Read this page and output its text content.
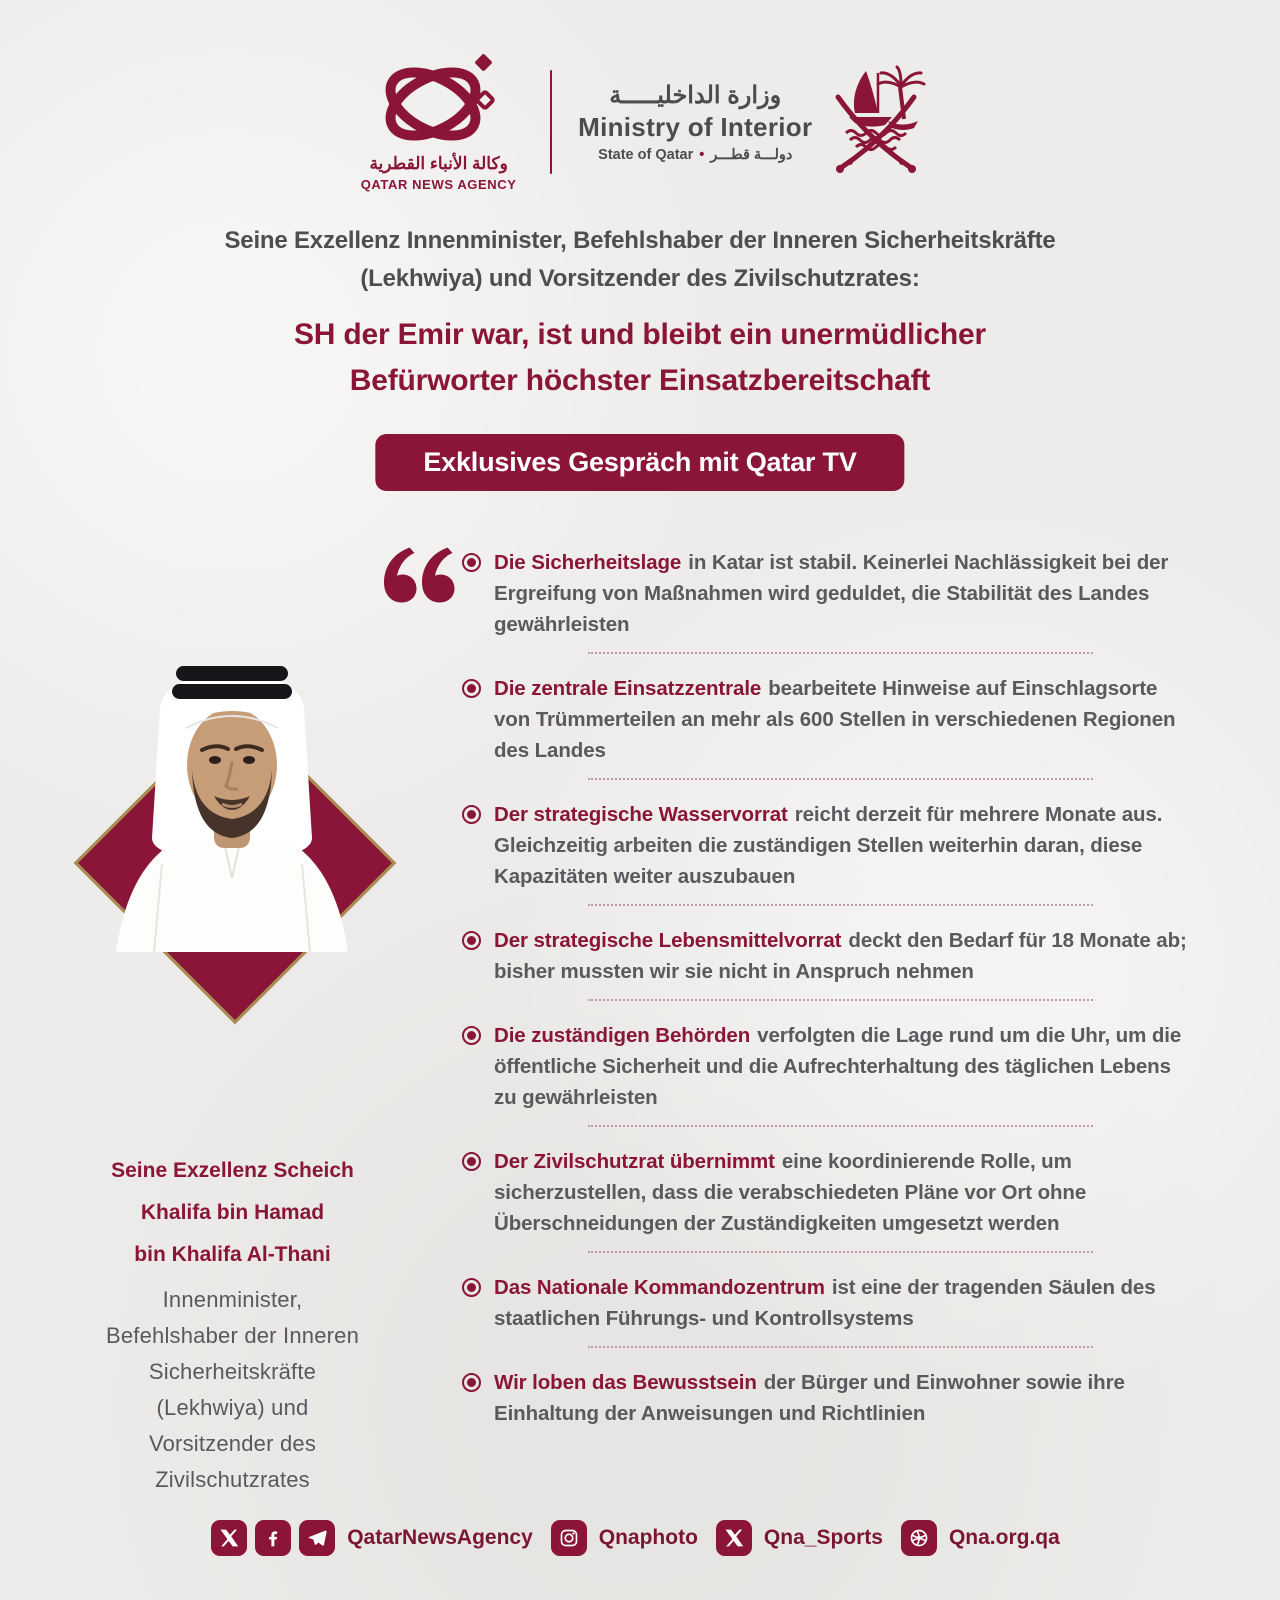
وكالة الأنباء القطرية
QATAR NEWS AGENCY
وزارة الداخليـــــة
Ministry of Interior
State of Qatar • دولـــة قطـــر
Seine Exzellenz Innenminister, Befehlshaber der Inneren Sicherheitskräfte
(Lekhwiya) und Vorsitzender des Zivilschutzrates:
SH der Emir war, ist und bleibt ein unermüdlicher
Befürworter höchster Einsatzbereitschaft
Exklusives Gespräch mit Qatar TV
Seine Exzellenz Scheich
Khalifa bin Hamad
bin Khalifa Al-Thani
Innenminister,
Befehlshaber der Inneren
Sicherheitskräfte
(Lekhwiya) und
Vorsitzender des
Zivilschutzrates
Die Sicherheitslage in Katar ist stabil. Keinerlei Nachlässigkeit bei der Ergreifung von Maßnahmen wird geduldet, die Stabilität des Landes gewährleisten
Die zentrale Einsatzzentrale bearbeitete Hinweise auf Einschlagsorte von Trümmerteilen an mehr als 600 Stellen in verschiedenen Regionen des Landes
Der strategische Wasservorrat reicht derzeit für mehrere Monate aus. Gleichzeitig arbeiten die zuständigen Stellen weiterhin daran, diese Kapazitäten weiter auszubauen
Der strategische Lebensmittelvorrat deckt den Bedarf für 18 Monate ab; bisher mussten wir sie nicht in Anspruch nehmen
Die zuständigen Behörden verfolgten die Lage rund um die Uhr, um die öffentliche Sicherheit und die Aufrechterhaltung des täglichen Lebens zu gewährleisten
Der Zivilschutzrat übernimmt eine koordinierende Rolle, um sicherzustellen, dass die verabschiedeten Pläne vor Ort ohne Überschneidungen der Zuständigkeiten umgesetzt werden
Das Nationale Kommandozentrum ist eine der tragenden Säulen des staatlichen Führungs- und Kontrollsystems
Wir loben das Bewusstsein der Bürger und Einwohner sowie ihre Einhaltung der Anweisungen und Richtlinien
QatarNewsAgency	Qnaphoto	Qna_Sports	Qna.org.qa
